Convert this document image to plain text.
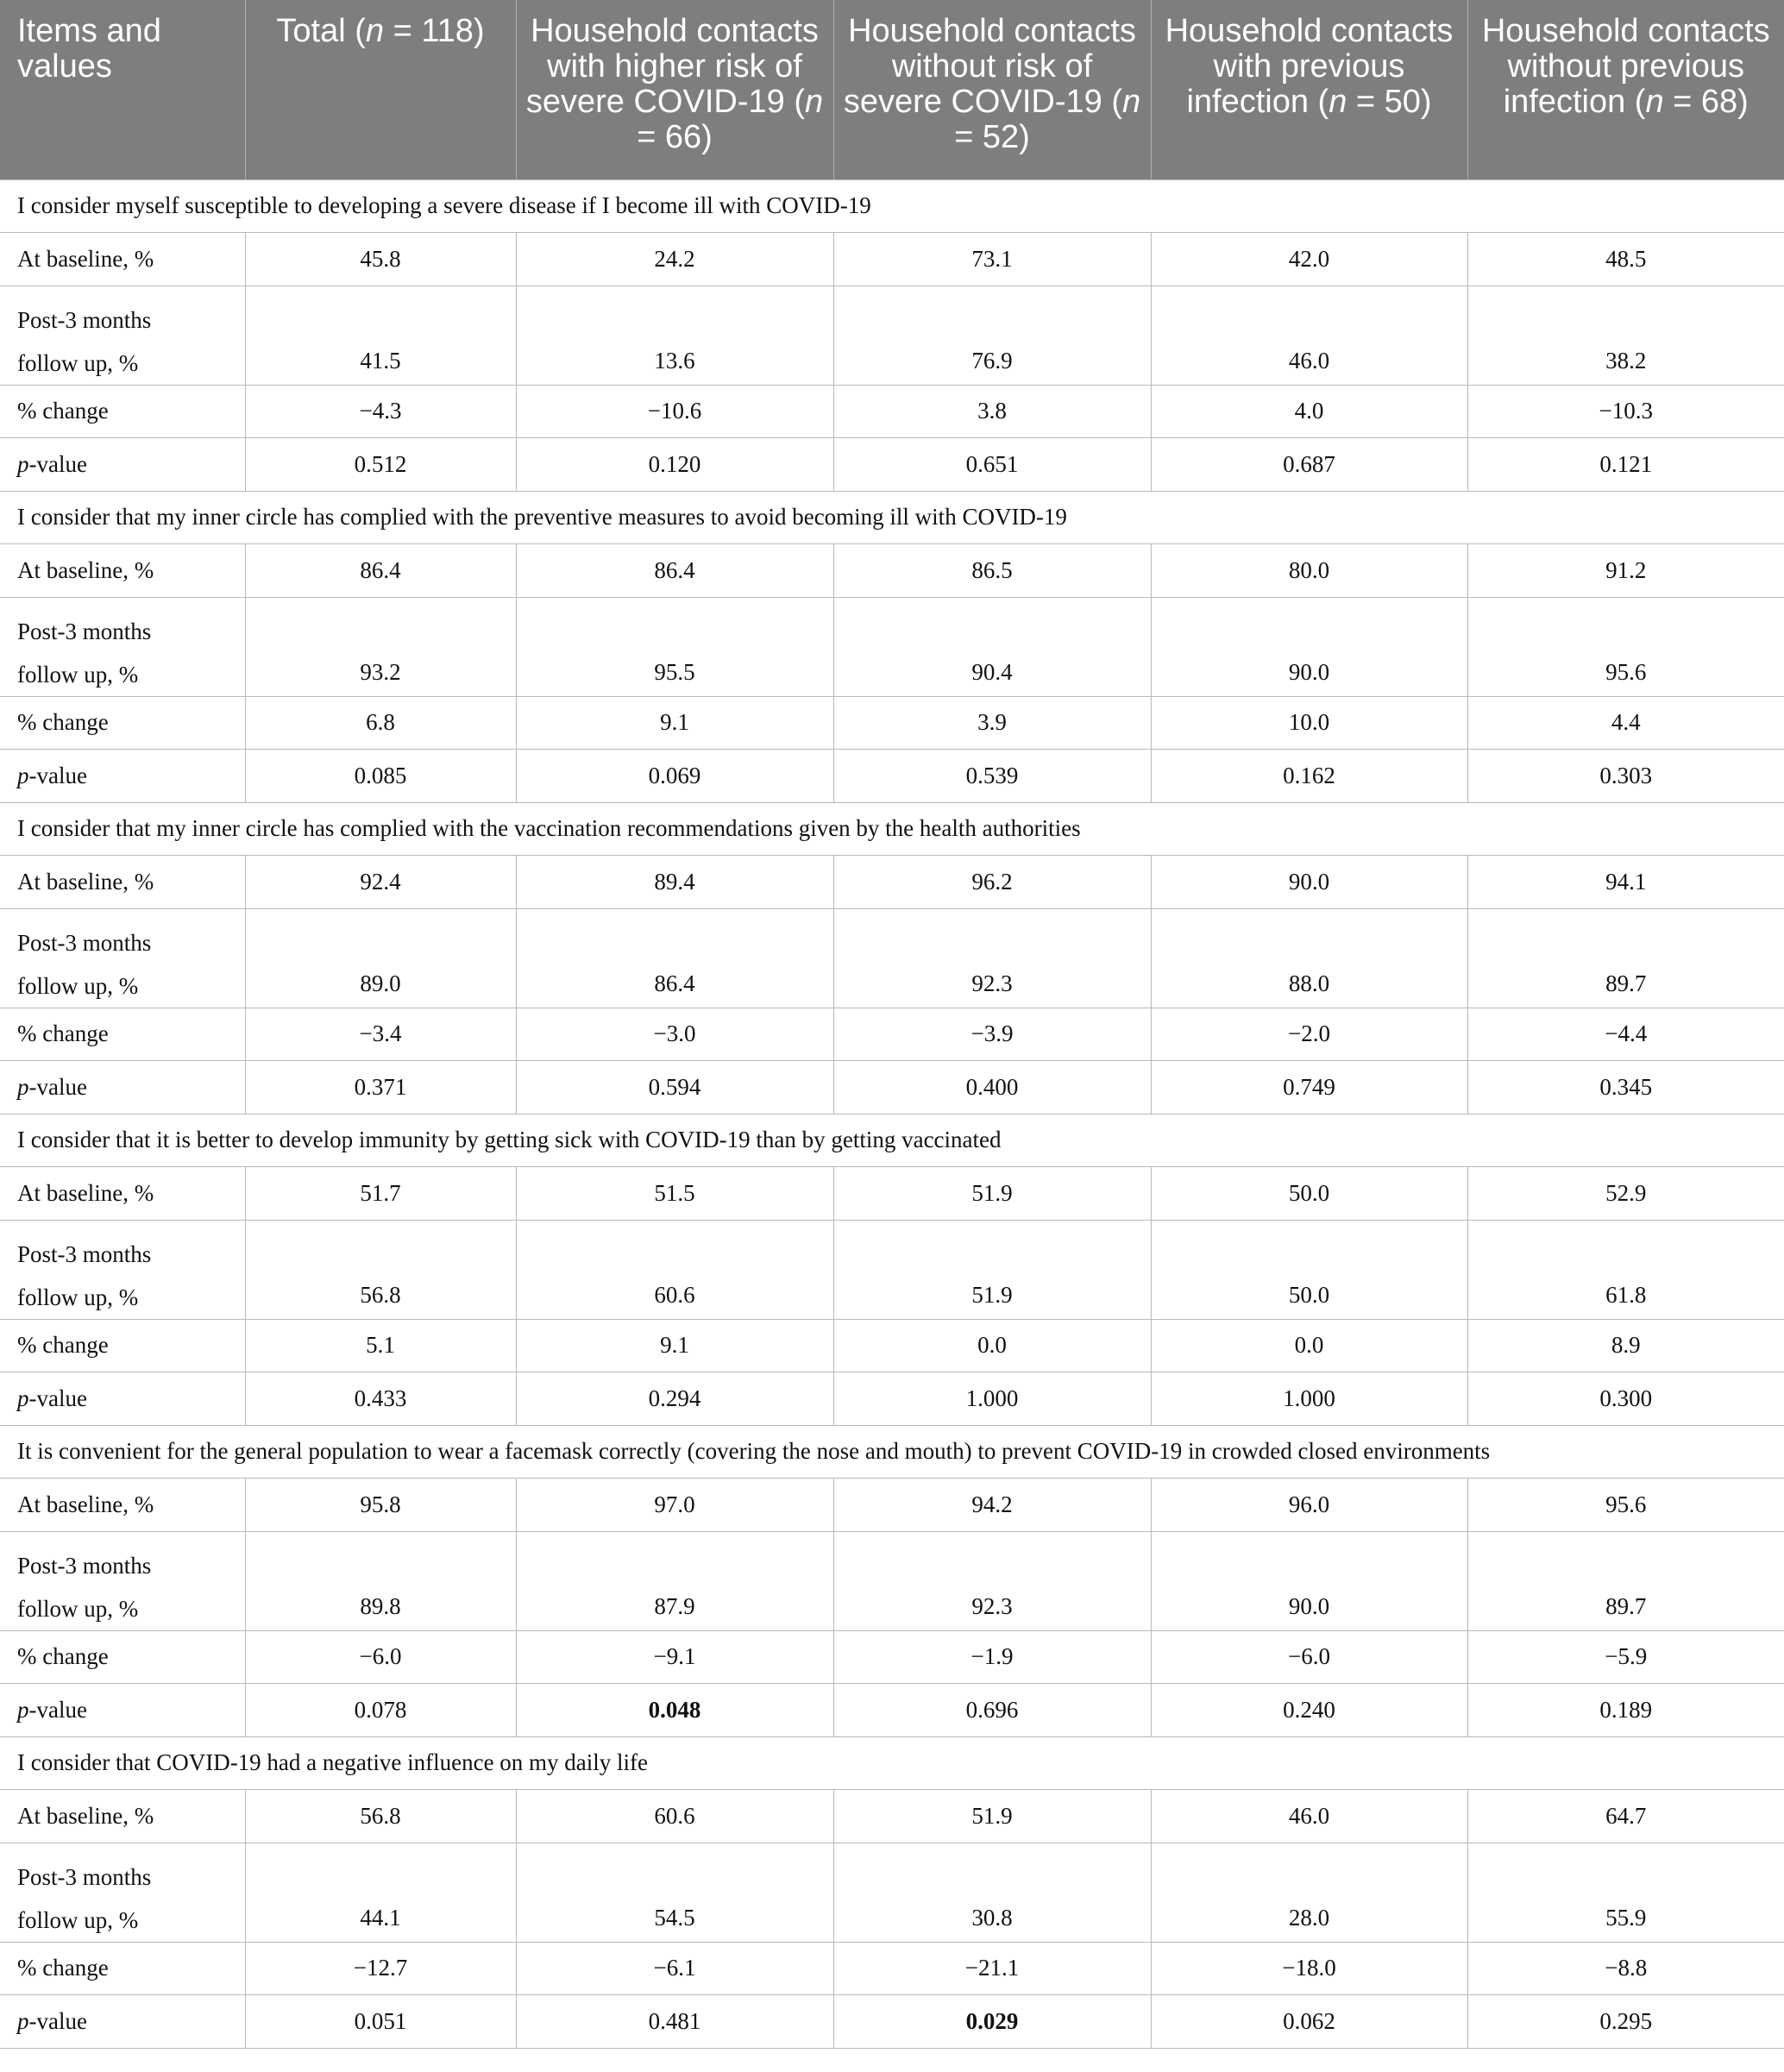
Items and values	Total (n = 118)	Household contacts with higher risk of severe COVID-19 (n = 66)	Household contacts without risk of severe COVID-19 (n = 52)	Household contacts with previous infection (n = 50)	Household contacts without previous infection (n = 68)
I consider myself susceptible to developing a severe disease if I become ill with COVID-19					
At baseline, %	45.8	24.2	73.1	42.0	48.5
Post-3 months
follow up, %	41.5	13.6	76.9	46.0	38.2
% change	−4.3	−10.6	3.8	4.0	−10.3
p-value	0.512	0.120	0.651	0.687	0.121
I consider that my inner circle has complied with the preventive measures to avoid becoming ill with COVID-19					
At baseline, %	86.4	86.4	86.5	80.0	91.2
Post-3 months
follow up, %	93.2	95.5	90.4	90.0	95.6
% change	6.8	9.1	3.9	10.0	4.4
p-value	0.085	0.069	0.539	0.162	0.303
I consider that my inner circle has complied with the vaccination recommendations given by the health authorities					
At baseline, %	92.4	89.4	96.2	90.0	94.1
Post-3 months
follow up, %	89.0	86.4	92.3	88.0	89.7
% change	−3.4	−3.0	−3.9	−2.0	−4.4
p-value	0.371	0.594	0.400	0.749	0.345
I consider that it is better to develop immunity by getting sick with COVID-19 than by getting vaccinated					
At baseline, %	51.7	51.5	51.9	50.0	52.9
Post-3 months
follow up, %	56.8	60.6	51.9	50.0	61.8
% change	5.1	9.1	0.0	0.0	8.9
p-value	0.433	0.294	1.000	1.000	0.300
It is convenient for the general population to wear a facemask correctly (covering the nose and mouth) to prevent COVID-19 in crowded closed environments					
At baseline, %	95.8	97.0	94.2	96.0	95.6
Post-3 months
follow up, %	89.8	87.9	92.3	90.0	89.7
% change	−6.0	−9.1	−1.9	−6.0	−5.9
p-value	0.078	0.048	0.696	0.240	0.189
I consider that COVID-19 had a negative influence on my daily life					
At baseline, %	56.8	60.6	51.9	46.0	64.7
Post-3 months
follow up, %	44.1	54.5	30.8	28.0	55.9
% change	−12.7	−6.1	−21.1	−18.0	−8.8
p-value	0.051	0.481	0.029	0.062	0.295
